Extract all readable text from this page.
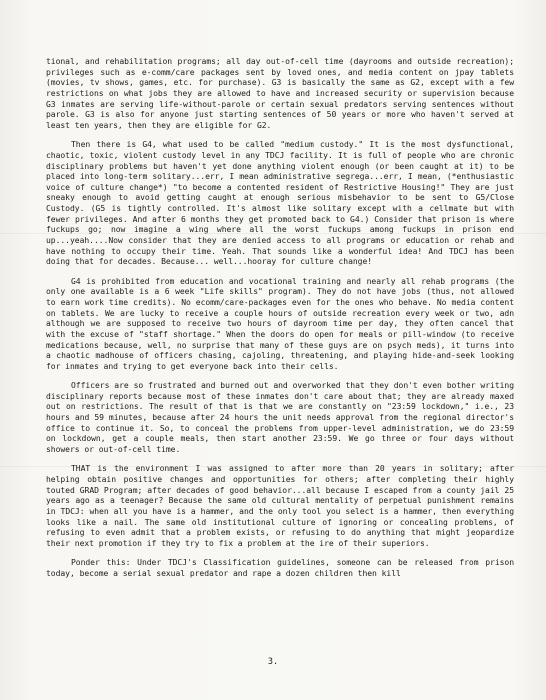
tional, and rehabilitation programs; all day out-of-cell time (dayrooms and outside recreation); privileges such as e-comm/care packages sent by loved ones, and media content on jpay tablets (movies, tv shows, games, etc. for purchase). G3 is basically the same as G2, except with a few restrictions on what jobs they are allowed to have and increased security or supervision because G3 inmates are serving life-without-parole or certain sexual predators serving sentences without parole. G3 is also for anyone just starting sentences of 50 years or more who haven't served at least ten years, then they are eligible for G2.

Then there is G4, what used to be called "medium custody." It is the most dysfunctional, chaotic, toxic, violent custody level in any TDCJ facility. It is full of people who are chronic disciplinary problems but haven't yet done anything violent enough (or been caught at it) to be placed into long-term solitary...err, I mean administrative segrega...err, I mean, (*enthusiastic voice of culture change*) "to become a contented resident of Restrictive Housing!" They are just sneaky enough to avoid getting caught at enough serious misbehavior to be sent to G5/Close Custody. (G5 is tightly controlled. It's almost like solitary except with a cellmate but with fewer privileges. And after 6 months they get promoted back to G4.) Consider that prison is where fuckups go; now imagine a wing where all the worst fuckups among fuckups in prison end up...yeah....Now consider that they are denied access to all programs or education or rehab and have nothing to occupy their time. Yeah. That sounds like a wonderful idea! And TDCJ has been doing that for decades. Because... well...hooray for culture change!

G4 is prohibited from education and vocational training and nearly all rehab programs (the only one available is a 6 week "Life skills" program). They do not have jobs (thus, not allowed to earn work time credits). No ecomm/care-packages even for the ones who behave. No media content on tablets. We are lucky to receive a couple hours of outside recreation every week or two, adn although we are supposed to receive two hours of dayroom time per day, they often cancel that with the excuse of "staff shortage." When the doors do open for meals or pill-window (to receive medications because, well, no surprise that many of these guys are on psych meds), it turns into a chaotic madhouse of officers chasing, cajoling, threatening, and playing hide-and-seek looking for inmates and trying to get everyone back into their cells.

Officers are so frustrated and burned out and overworked that they don't even bother writing disciplinary reports because most of these inmates don't care about that; they are already maxed out on restrictions. The result of that is that we are constantly on "23:59 lockdown," i.e., 23 hours and 59 minutes, because after 24 hours the unit needs approval from the regional director's office to continue it. So, to conceal the problems from upper-level administration, we do 23:59 on lockdown, get a couple meals, then start another 23:59. We go three or four days without showers or out-of-cell time.

THAT is the environment I was assigned to after more than 20 years in solitary; after helping obtain positive changes and opportunities for others; after completing their highly touted GRAD Program; after decades of good behavior...all because I escaped from a county jail 25 years ago as a teenager? Because the same old cultural mentality of perpetual punishment remains in TDCJ: when all you have is a hammer, and the only tool you select is a hammer, then everything looks like a nail. The same old institutional culture of ignoring or concealing problems, of refusing to even admit that a problem exists, or refusing to do anything that might jeopardize their next promotion if they try to fix a problem at the ire of their superiors.

Ponder this: Under TDCJ's Classification guidelines, someone can be released from prison today, become a serial sexual predator and rape a dozen children then kill

3.
